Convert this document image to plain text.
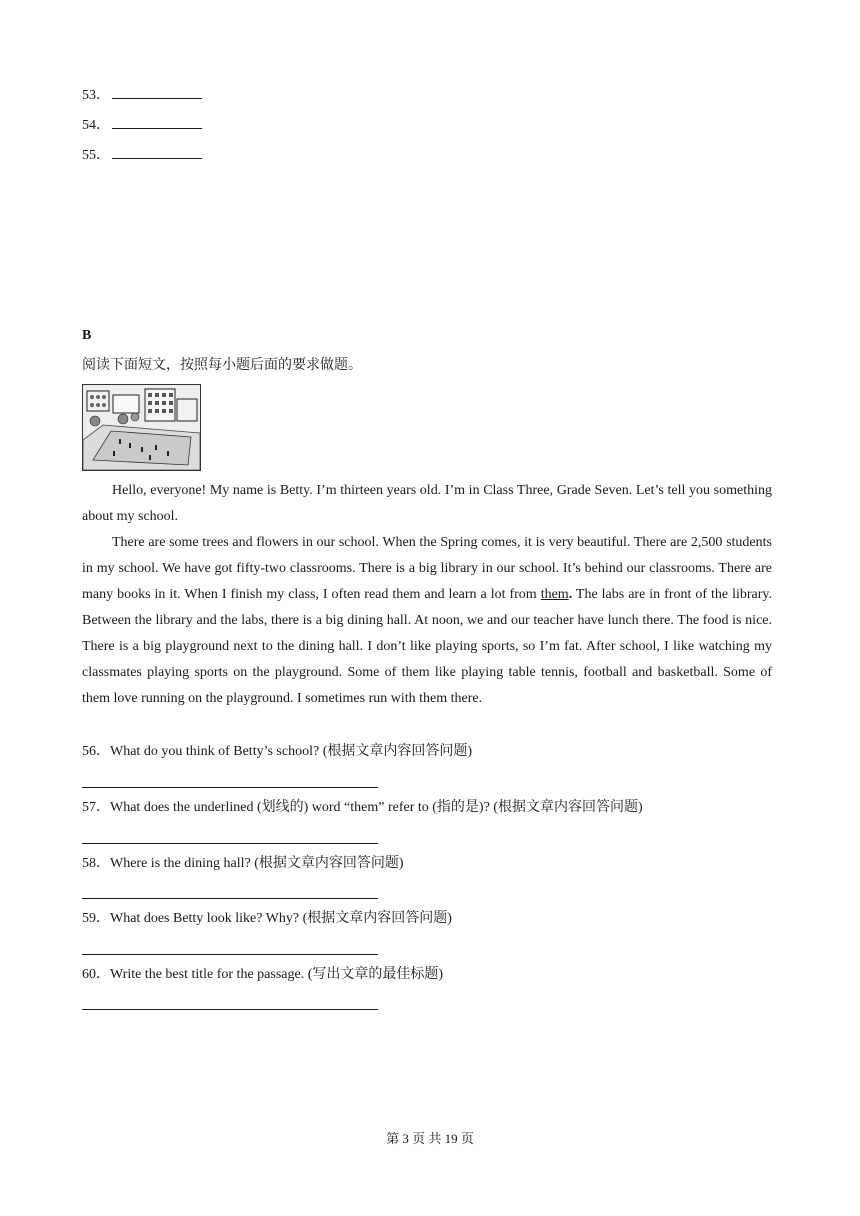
53．
54．
55．
B
阅读下面短文，按照每小题后面的要求做题。

Hello, everyone! My name is Betty. I’m thirteen years old. I’m in Class Three, Grade Seven. Let’s tell you something about my school.

There are some trees and flowers in our school. When the Spring comes, it is very beautiful. There are 2,500 students in my school. We have got fifty-two classrooms. There is a big library in our school. It’s behind our classrooms. There are many books in it. When I finish my class, I often read them and learn a lot from them. The labs are in front of the library. Between the library and the labs, there is a big dining hall. At noon, we and our teacher have lunch there. The food is nice. There is a big playground next to the dining hall. I don’t like playing sports, so I’m fat. After school, I like watching my classmates playing sports on the playground. Some of them like playing table tennis, football and basketball. Some of them love running on the playground. I sometimes run with them there.

56．What do you think of Betty’s school? (根据文章内容回答问题)
57．What does the underlined (划线的) word “them” refer to (指的是)? (根据文章内容回答问题)
58．Where is the dining hall? (根据文章内容回答问题)
59．What does Betty look like? Why? (根据文章内容回答问题)
60．Write the best title for the passage. (写出文章的最佳标题)
第 3 页 共 19 页
